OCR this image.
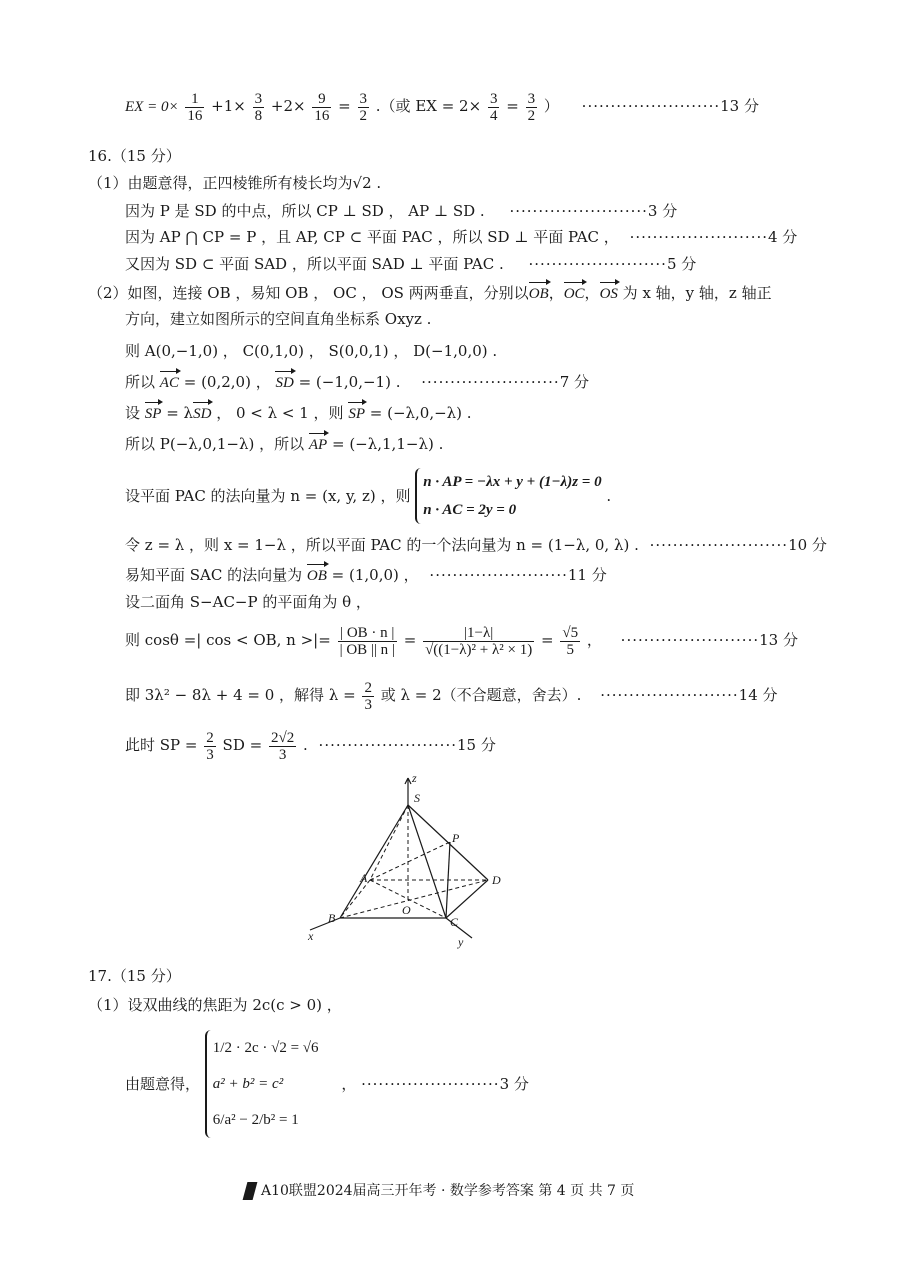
EX = $0\times \frac{1}{16} +1\times \frac{3}{8} +2\times \frac{9}{16} = \frac{3}{2}$ .（或 EX = $2\times \frac{3}{4} = \frac{3}{2}$ ） ························13 分
16.（15 分）
（1）由题意得，正四棱锥所有棱长均为√2 .
因为 P 是 SD 的中点，所以 CP ⊥ SD ， AP ⊥ SD . ························3 分
因为 AP ⋂ CP = P ，且 AP, CP ⊂ 平面 PAC ，所以 SD ⊥ 平面 PAC ， ························4 分
又因为 SD ⊂ 平面 SAD ，所以平面 SAD ⊥ 平面 PAC . ························5 分
（2）如图，连接 OB ，易知 OB ， OC ， OS 两两垂直，分别以OB，OC，OS 为 x 轴，y 轴，z 轴正
方向，建立如图所示的空间直角坐标系 Oxyz .
则 A(0,−1,0) ， C(0,1,0) ， S(0,0,1) ， D(−1,0,0) .
所以 AC = (0,2,0) ， SD = (−1,0,−1) . ························7 分
设 SP = λSD ， 0 < λ < 1 ，则 SP = (−λ,0,−λ) .
所以 P(−λ,0,1−λ) ，所以 AP = (−λ,1,1−λ) .
设平面 PAC 的法向量为 n = (x, y, z) ，则
n · AP = −λx + y + (1−λ)z = 0
n · AC = 2y = 0
.
令 z = λ ，则 x = 1−λ ，所以平面 PAC 的一个法向量为 n = (1−λ, 0, λ) . ························10 分
易知平面 SAC 的法向量为 OB = (1,0,0) ， ························11 分
设二面角 S−AC−P 的平面角为 θ ，
则 cosθ =| cos < OB, n >|= $\frac{| OB \cdot n |}{| OB || n |} = \frac{|1-\lambda|}{\text{√((1−λ)² + λ² × 1)}} = \frac{√5}{5}$ ， ························13 分
即 3λ² − 8λ + 4 = 0 ，解得 $\lambda = \frac{2}{3}$ 或 λ = 2（不合题意，舍去）. ························14 分
此时 SP = $\frac{2}{3}$ SD = $\frac{2√2}{3}$ . ························15 分
z
S
P
A	D
O
B	C
x	y
17.（15 分）
（1）设双曲线的焦距为 2c(c > 0) ，
由题意得，
1/2 · 2c · √2 = √6
a² + b² = c²
6/a² − 2/b² = 1
， ························3 分
A10联盟2024届高三开年考 · 数学参考答案 第 4 页 共 7 页
